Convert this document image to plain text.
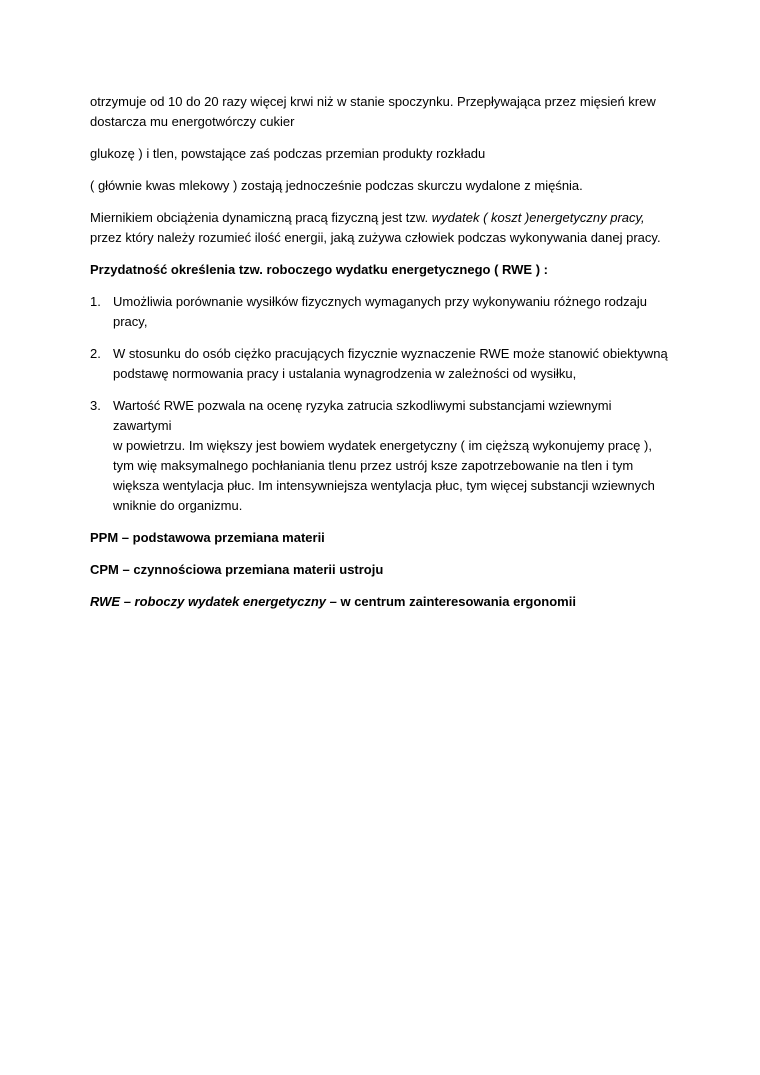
otrzymuje od 10 do 20 razy więcej krwi niż w stanie spoczynku. Przepływająca przez mięsień krew
dostarcza mu energotwórczy cukier

glukozę ) i tlen, powstające zaś podczas przemian produkty rozkładu

( głównie kwas mlekowy ) zostają jednocześnie podczas skurczu wydalone z mięśnia.

Miernikiem obciążenia dynamiczną pracą fizyczną jest tzw. wydatek ( koszt )energetyczny pracy,
przez który należy rozumieć ilość energii, jaką zużywa człowiek podczas wykonywania danej pracy.

Przydatność określenia tzw. roboczego wydatku energetycznego ( RWE ) :

1. Umożliwia porównanie wysiłków fizycznych wymaganych przy wykonywaniu różnego rodzaju
pracy,
2. W stosunku do osób ciężko pracujących fizycznie wyznaczenie RWE może stanowić obiektywną
podstawę normowania pracy i ustalania wynagrodzenia w zależności od wysiłku,
3. Wartość RWE pozwala na ocenę ryzyka zatrucia szkodliwymi substancjami wziewnymi zawartymi
w powietrzu. Im większy jest bowiem wydatek energetyczny ( im cięższą wykonujemy pracę ),
tym wię maksymalnego pochłaniania tlenu przez ustrój ksze zapotrzebowanie na tlen i tym
większa wentylacja płuc. Im intensywniejsza wentylacja płuc, tym więcej substancji wziewnych
wniknie do organizmu.

PPM – podstawowa przemiana materii

CPM – czynnościowa przemiana materii ustroju

RWE – roboczy wydatek energetyczny – w centrum zainteresowania ergonomii
